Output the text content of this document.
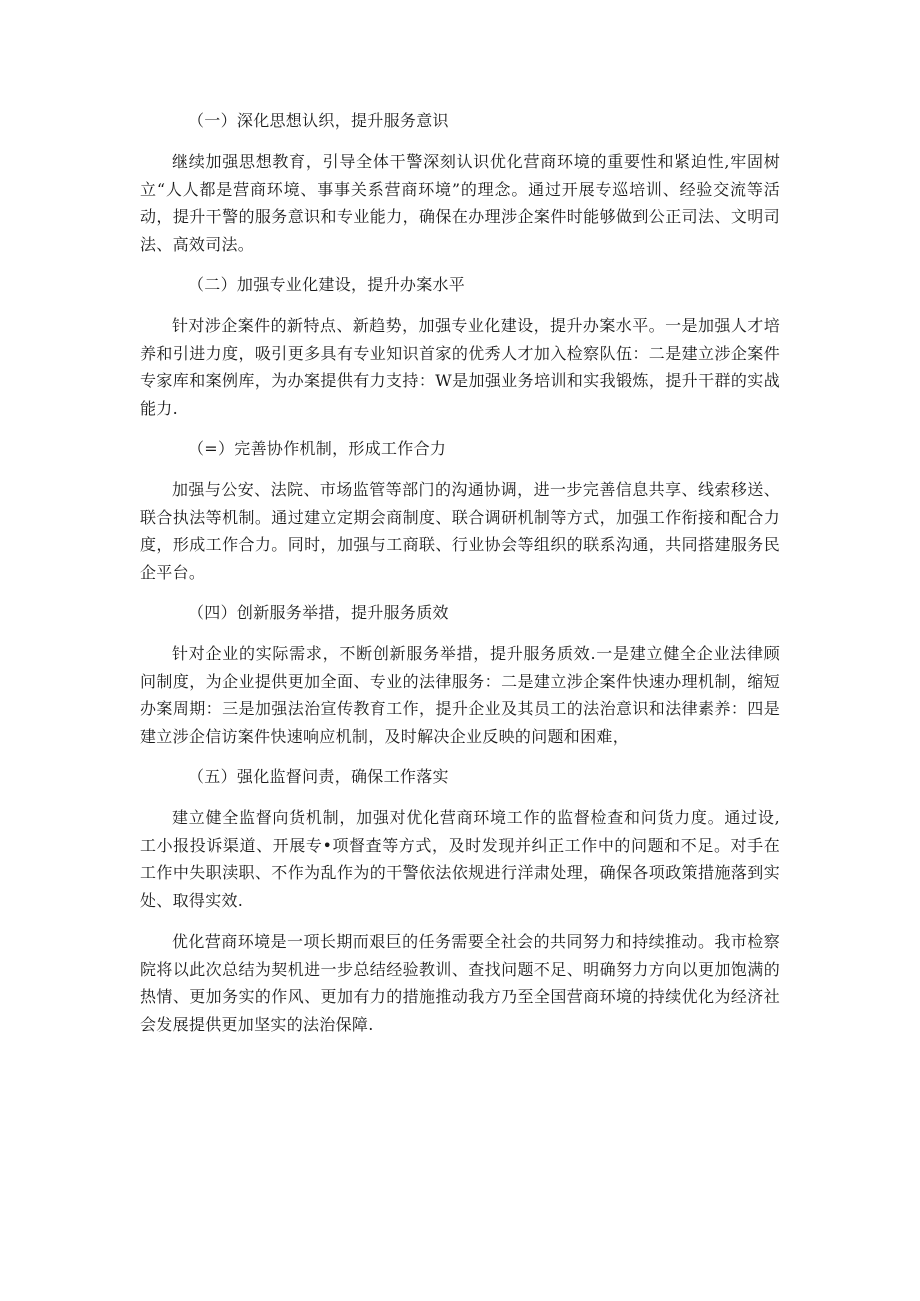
（一）深化思想认织，提升服务意识
继续加强思想教育，引导全体干警深刻认识优化营商环境的重要性和紧迫性,牢固树立“人人都是营商环境、事事关系营商环境”的理念。通过开展专巡培训、经验交流等活动，提升干警的服务意识和专业能力，确保在办理涉企案件时能够做到公正司法、文明司法、高效司法。
（二）加强专业化建设，提升办案水平
针对涉企案件的新特点、新趋势，加强专业化建设，提升办案水平。一是加强人才培养和引进力度，吸引更多具有专业知识首家的优秀人才加入检察队伍：二是建立涉企案件专家库和案例库，为办案提供有力支持：W是加强业务培训和实我锻炼，提升干群的实战能力.
（=）完善协作机制，形成工作合力
加强与公安、法院、市场监管等部门的沟通协调，进一步完善信息共享、线索移送、联合执法等机制。通过建立定期会商制度、联合调研机制等方式，加强工作衔接和配合力度，形成工作合力。同时，加强与工商联、行业协会等组织的联系沟通，共同搭建服务民企平台。
（四）创新服务举措，提升服务质效
针对企业的实际需求，不断创新服务举措，提升服务质效.一是建立健全企业法律顾问制度，为企业提供更加全面、专业的法律服务：二是建立涉企案件快速办理机制，缩短办案周期：三是加强法治宣传教育工作，提升企业及其员工的法治意识和法律素养：四是建立涉企信访案件快速响应机制，及时解决企业反映的问题和困难，
（五）强化监督问责，确保工作落实
建立健全监督向货机制，加强对优化营商环境工作的监督检查和问货力度。通过设,工小报投诉渠道、开展专•项督査等方式，及时发现并纠正工作中的问题和不足。对手在工作中失职渎职、不作为乱作为的干警依法依规进行洋肃处理，确保各项政策措施落到实处、取得实效.
优化营商环境是一项长期而艰巨的任务需要全社会的共同努力和持续推动。我市检察院将以此次总结为契机进一步总结经验教训、查找问题不足、明确努力方向以更加饱满的热情、更加务实的作风、更加有力的措施推动我方乃至全国营商环境的持续优化为经济社会发展提供更加坚实的法治保障.
